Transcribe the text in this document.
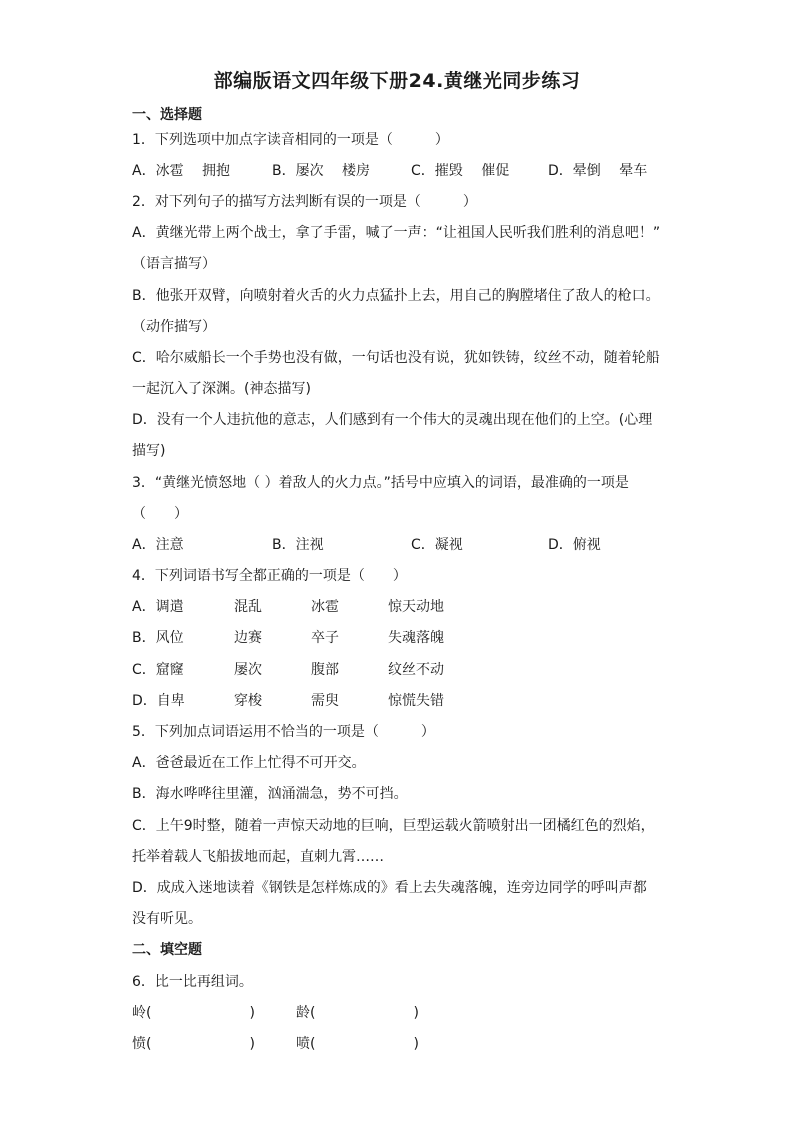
部编版语文四年级下册24.黄继光同步练习
一、选择题
1．下列选项中加点字读音相同的一项是（　　　）
A．冰雹　 拥抱	B．屡次　 楼房	C．摧毁　 催促	D．晕倒　 晕车
2．对下列句子的描写方法判断有误的一项是（　　　）
A．黄继光带上两个战士，拿了手雷，喊了一声：“让祖国人民听我们胜利的消息吧！”
（语言描写）
B．他张开双臂，向喷射着火舌的火力点猛扑上去，用自己的胸膛堵住了敌人的枪口。
（动作描写）
C．哈尔威船长一个手势也没有做，一句话也没有说，犹如铁铸，纹丝不动，随着轮船
一起沉入了深渊。(神态描写)
D．没有一个人违抗他的意志，人们感到有一个伟大的灵魂出现在他们的上空。(心理
描写)
3．“黄继光愤怒地（ ）着敌人的火力点。”括号中应填入的词语，最准确的一项是
（　　）
A．注意	B．注视	C．凝视	D．俯视
4．下列词语书写全都正确的一项是（　　）
A．调遣	混乱	冰雹	惊天动地
B．风位	边赛	卒子	失魂落魄
C．窟窿	屡次	腹部	纹丝不动
D．自卑	穿梭	需臾	惊慌失错
5．下列加点词语运用不恰当的一项是（　　　）
A．爸爸最近在工作上忙得不可开交。
B．海水哗哗往里灌，汹涌湍急，势不可挡。
C．上午9时整，随着一声惊天动地的巨响，巨型运载火箭喷射出一团橘红色的烈焰，
托举着载人飞船拔地而起，直刺九霄……
D．成成入迷地读着《钢铁是怎样炼成的》看上去失魂落魄，连旁边同学的呼叫声都
没有听见。
二、填空题
6．比一比再组词。
岭(　　　　　　　)	龄(　　　　　　　)
愤(　　　　　　　)	喷(　　　　　　　)
